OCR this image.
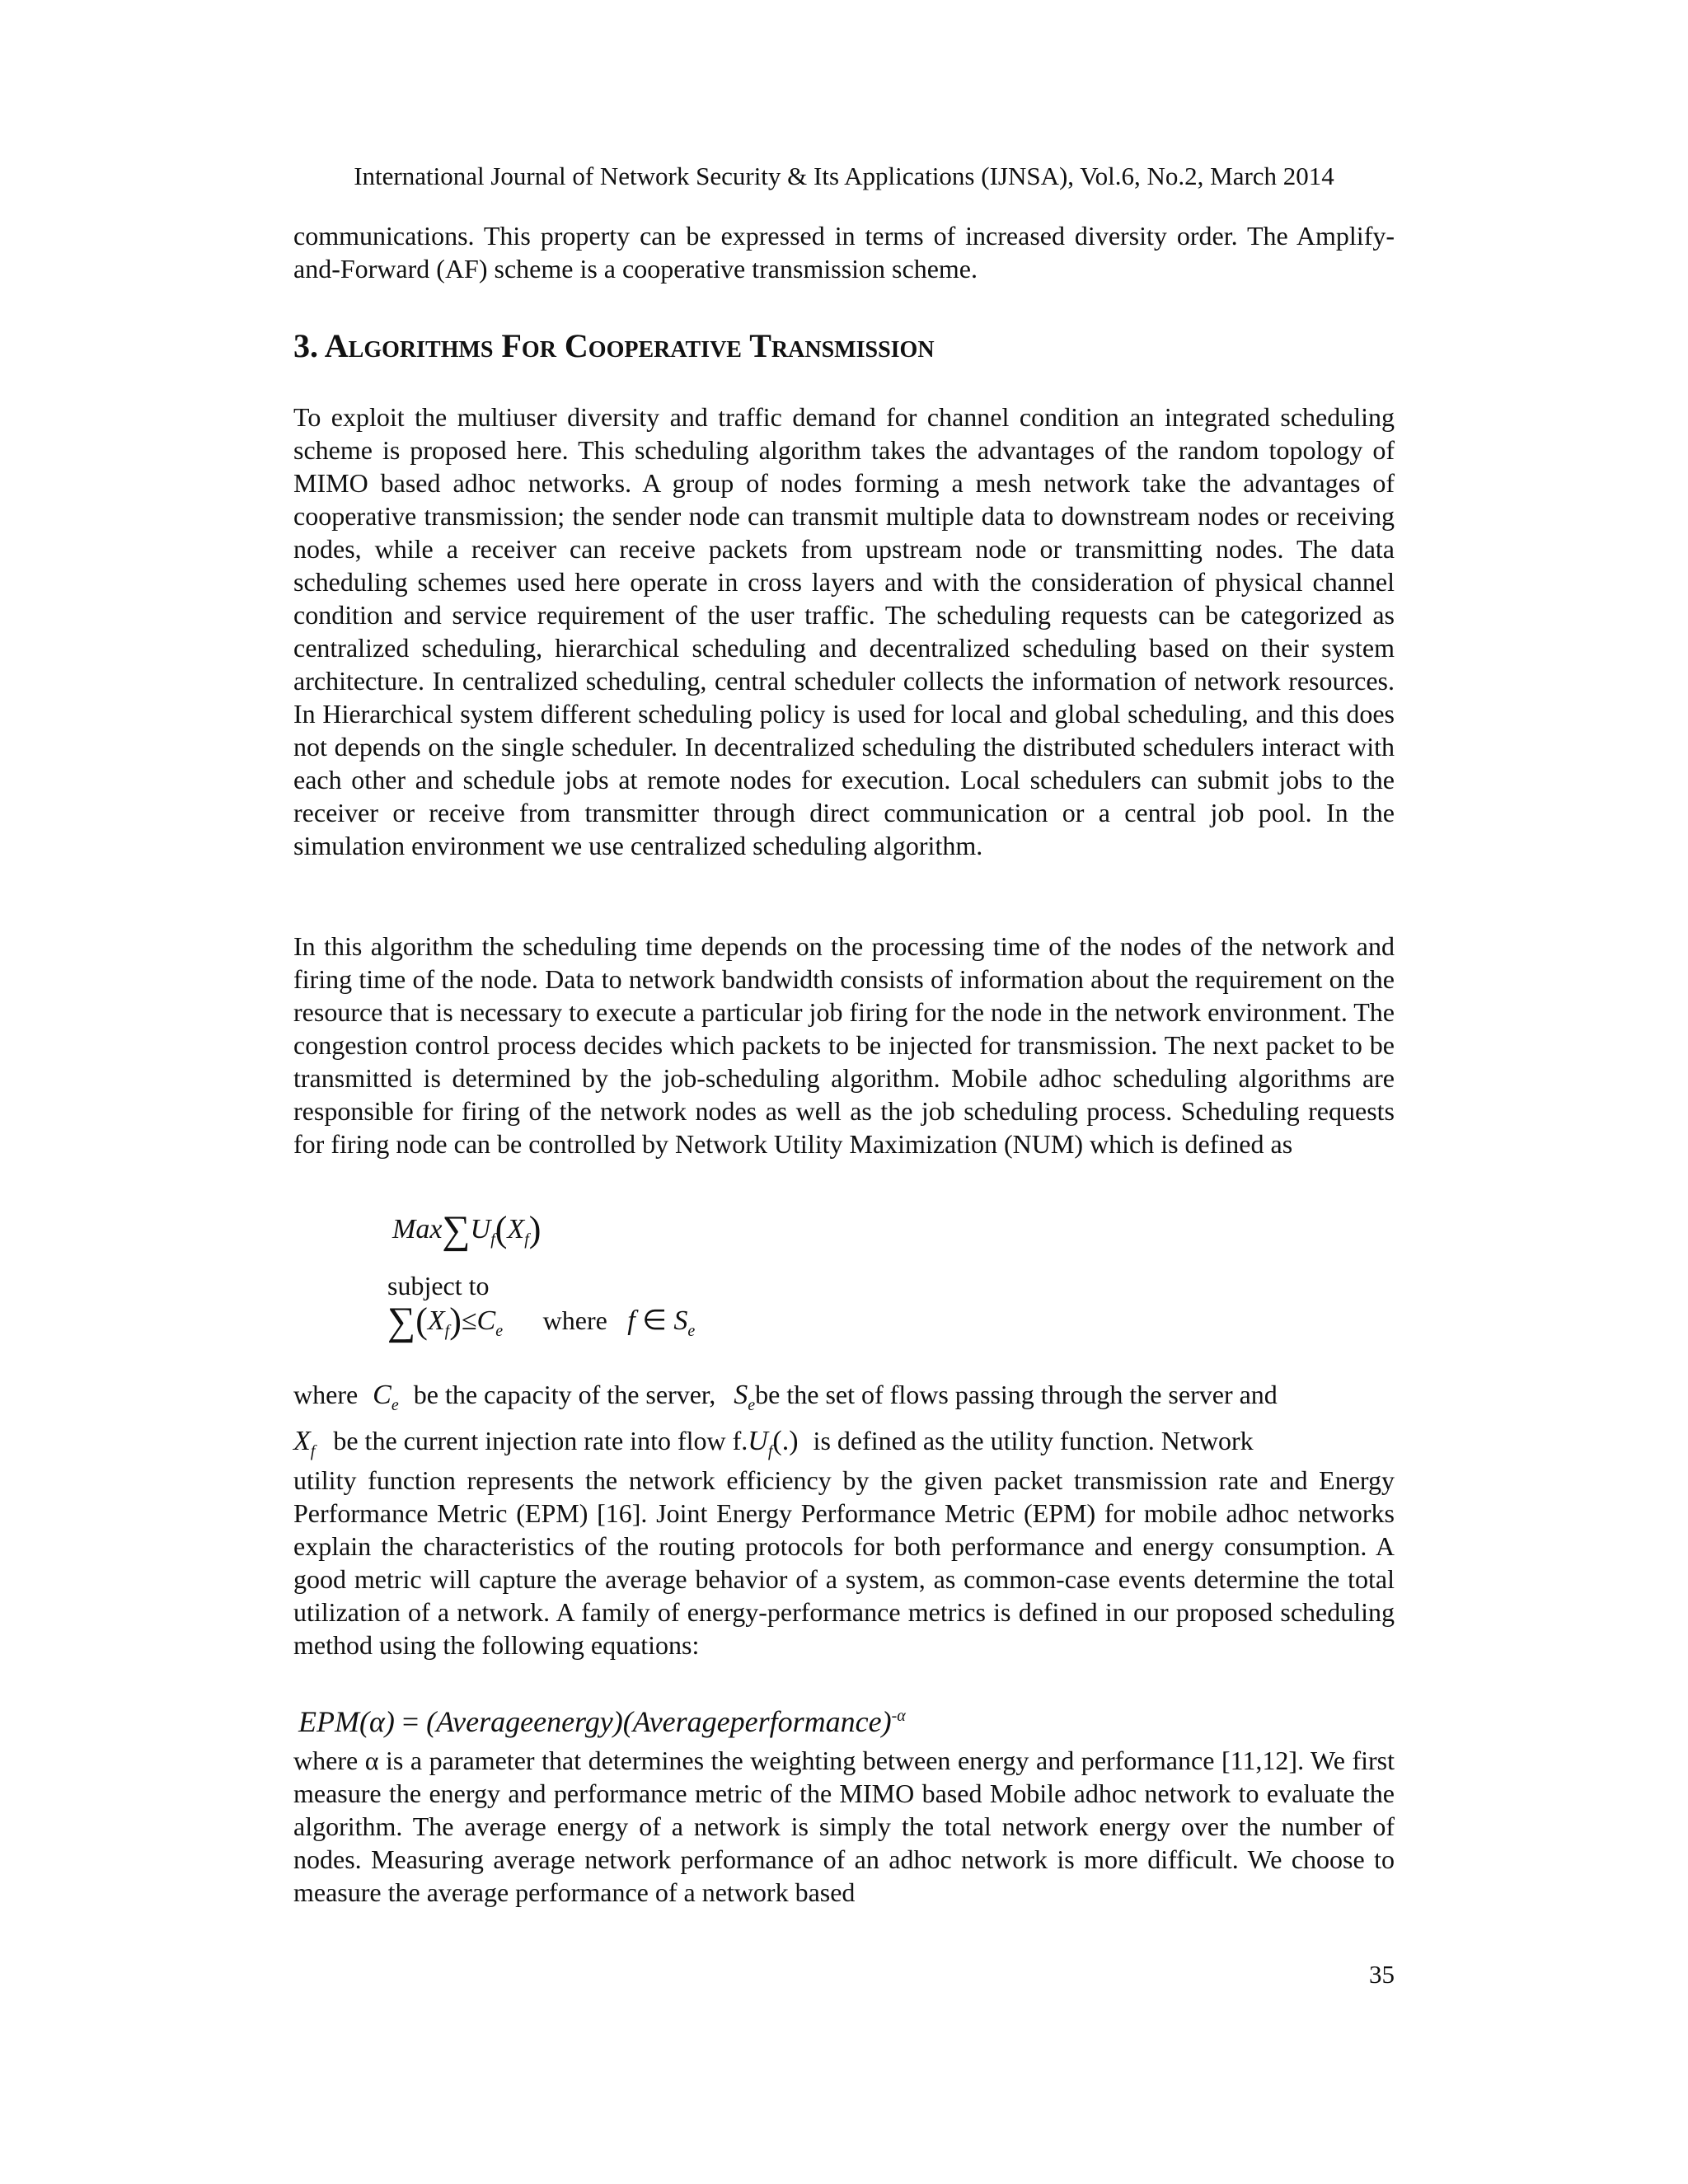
International Journal of Network Security & Its Applications (IJNSA), Vol.6, No.2, March 2014
communications. This property can be expressed in terms of increased diversity order. The Amplify-and-Forward (AF) scheme is a cooperative transmission scheme.
3. Algorithms For Cooperative Transmission
To exploit the multiuser diversity and traffic demand for channel condition an integrated scheduling scheme is proposed here. This scheduling algorithm takes the advantages of the random topology of MIMO based adhoc networks. A group of nodes forming a mesh network take the advantages of cooperative transmission; the sender node can transmit multiple data to downstream nodes or receiving nodes, while a receiver can receive packets from upstream node or transmitting nodes. The data scheduling schemes used here operate in cross layers and with the consideration of physical channel condition and service requirement of the user traffic. The scheduling requests can be categorized as centralized scheduling, hierarchical scheduling and decentralized scheduling based on their system architecture. In centralized scheduling, central scheduler collects the information of network resources. In Hierarchical system different scheduling policy is used for local and global scheduling, and this does not depends on the single scheduler. In decentralized scheduling the distributed schedulers interact with each other and schedule jobs at remote nodes for execution. Local schedulers can submit jobs to the receiver or receive from transmitter through direct communication or a central job pool. In the simulation environment we use centralized scheduling algorithm.
In this algorithm the scheduling time depends on the processing time of the nodes of the network and firing time of the node. Data to network bandwidth consists of information about the requirement on the resource that is necessary to execute a particular job firing for the node in the network environment. The congestion control process decides which packets to be injected for transmission. The next packet to be transmitted is determined by the job-scheduling algorithm. Mobile adhoc scheduling algorithms are responsible for firing of the network nodes as well as the job scheduling process. Scheduling requests for firing node can be controlled by Network Utility Maximization (NUM) which is defined as
$Max\sum U_f(X_f)$
subject to
$\sum(X_f)\le C_e$ where f ∈ $S_e$
where $C_e$ be the capacity of the server, $S_ebe$ the set of flows passing through the server and
$X_f$ be the current injection rate into flow $f.U_f(.)$ is defined as the utility function. Network
utility function represents the network efficiency by the given packet transmission rate and Energy Performance Metric (EPM) [16]. Joint Energy Performance Metric (EPM) for mobile adhoc networks explain the characteristics of the routing protocols for both performance and energy consumption. A good metric will capture the average behavior of a system, as common-case events determine the total utilization of a network. A family of energy-performance metrics is defined in our proposed scheduling method using the following equations:
EPM(α) = (Averageenergy)(Averageperformance)$^{-\alpha}$
where α is a parameter that determines the weighting between energy and performance [11,12]. We first measure the energy and performance metric of the MIMO based Mobile adhoc network to evaluate the algorithm. The average energy of a network is simply the total network energy over the number of nodes. Measuring average network performance of an adhoc network is more difficult. We choose to measure the average performance of a network based
35
